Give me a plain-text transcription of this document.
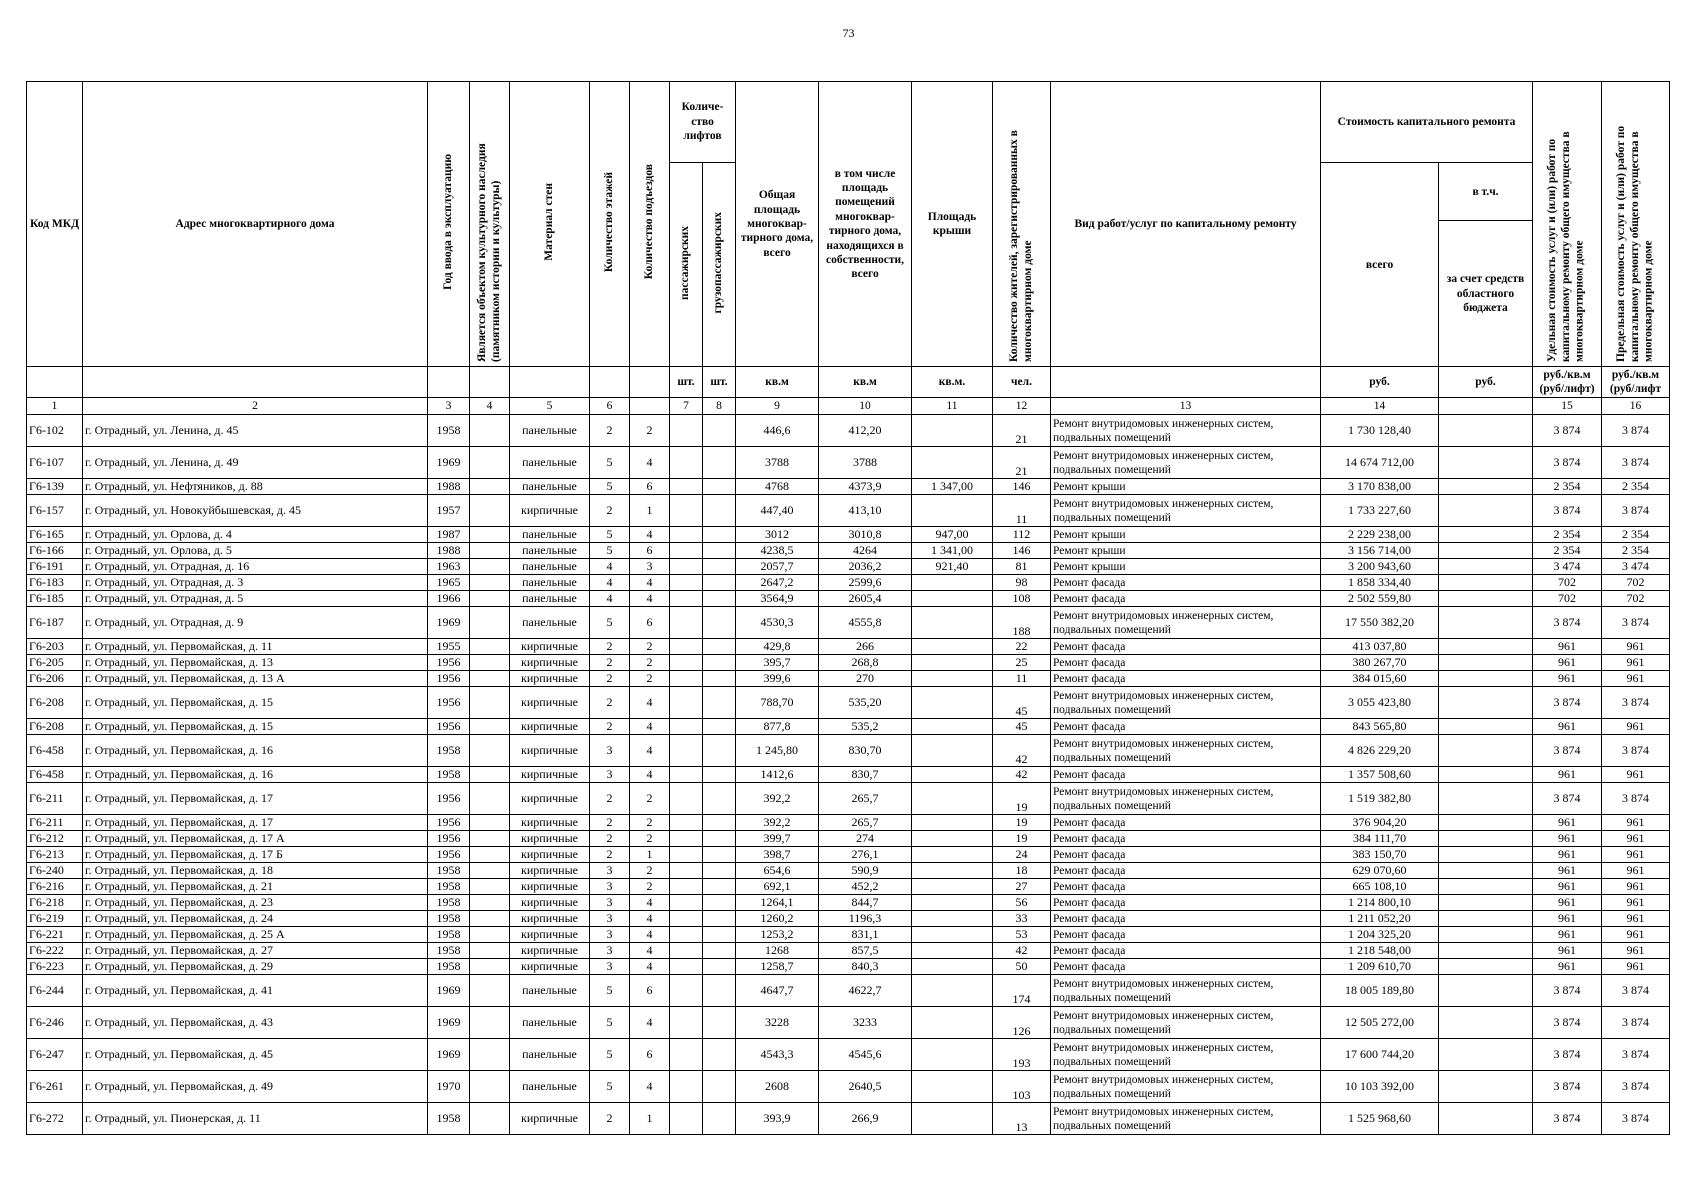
73
Код МКД	Адрес многоквартирного дома	Год ввода в эксплуатацию	Является объектом культурного наследия (памятником истории и культуры)	Материал стен	Количество этажей	Количество подъездов	Количе-ство лифтов		Общая площадь многоквар-тирного дома, всего	в том числе площадь помещений многоквар-тирного дома, находящихся в собственности, всего	Площадь крыши	Количество жителей, зарегистрированных в многоквартирном доме	Вид работ/услуг по капитальному ремонту	Стоимость капитального ремонта		Удельная стоимость услуг и (или) работ по капитальному ремонту общего имущества в многоквартирном доме	Предельная стоимость услуг и (или) работ по капитальному ремонту общего имущества в многоквартирном доме
							пассажирских	грузопассажирских						всего	в т.ч.		
															за счет средств областного бюджета		
							шт.	шт.	кв.м	кв.м	кв.м.	чел.		руб.	руб.	руб./кв.м (руб/лифт)	руб./кв.м (руб/лифт
1	2	3	4	5	6		7	8	9	10	11	12	13	14		15	16
Г6-102	г. Отрадный, ул. Ленина, д. 45	1958		панельные	2	2			446,6	412,20		21	Ремонт внутридомовых инженерных систем, подвальных помещений	1 730 128,40		3 874	3 874
Г6-107	г. Отрадный, ул. Ленина, д. 49	1969		панельные	5	4			3788	3788		21	Ремонт внутридомовых инженерных систем, подвальных помещений	14 674 712,00		3 874	3 874
Г6-139	г. Отрадный, ул. Нефтяников, д. 88	1988		панельные	5	6			4768	4373,9	1 347,00	146	Ремонт крыши	3 170 838,00		2 354	2 354
Г6-157	г. Отрадный, ул. Новокуйбышевская, д. 45	1957		кирпичные	2	1			447,40	413,10		11	Ремонт внутридомовых инженерных систем, подвальных помещений	1 733 227,60		3 874	3 874
Г6-165	г. Отрадный, ул. Орлова, д. 4	1987		панельные	5	4			3012	3010,8	947,00	112	Ремонт крыши	2 229 238,00		2 354	2 354
Г6-166	г. Отрадный, ул. Орлова, д. 5	1988		панельные	5	6			4238,5	4264	1 341,00	146	Ремонт крыши	3 156 714,00		2 354	2 354
Г6-191	г. Отрадный, ул. Отрадная, д. 16	1963		панельные	4	3			2057,7	2036,2	921,40	81	Ремонт крыши	3 200 943,60		3 474	3 474
Г6-183	г. Отрадный, ул. Отрадная, д. 3	1965		панельные	4	4			2647,2	2599,6		98	Ремонт фасада	1 858 334,40		702	702
Г6-185	г. Отрадный, ул. Отрадная, д. 5	1966		панельные	4	4			3564,9	2605,4		108	Ремонт фасада	2 502 559,80		702	702
Г6-187	г. Отрадный, ул. Отрадная, д. 9	1969		панельные	5	6			4530,3	4555,8		188	Ремонт внутридомовых инженерных систем, подвальных помещений	17 550 382,20		3 874	3 874
Г6-203	г. Отрадный, ул. Первомайская, д. 11	1955		кирпичные	2	2			429,8	266		22	Ремонт фасада	413 037,80		961	961
Г6-205	г. Отрадный, ул. Первомайская, д. 13	1956		кирпичные	2	2			395,7	268,8		25	Ремонт фасада	380 267,70		961	961
Г6-206	г. Отрадный, ул. Первомайская, д. 13 А	1956		кирпичные	2	2			399,6	270		11	Ремонт фасада	384 015,60		961	961
Г6-208	г. Отрадный, ул. Первомайская, д. 15	1956		кирпичные	2	4			788,70	535,20		45	Ремонт внутридомовых инженерных систем, подвальных помещений	3 055 423,80		3 874	3 874
Г6-208	г. Отрадный, ул. Первомайская, д. 15	1956		кирпичные	2	4			877,8	535,2		45	Ремонт фасада	843 565,80		961	961
Г6-458	г. Отрадный, ул. Первомайская, д. 16	1958		кирпичные	3	4			1 245,80	830,70		42	Ремонт внутридомовых инженерных систем, подвальных помещений	4 826 229,20		3 874	3 874
Г6-458	г. Отрадный, ул. Первомайская, д. 16	1958		кирпичные	3	4			1412,6	830,7		42	Ремонт фасада	1 357 508,60		961	961
Г6-211	г. Отрадный, ул. Первомайская, д. 17	1956		кирпичные	2	2			392,2	265,7		19	Ремонт внутридомовых инженерных систем, подвальных помещений	1 519 382,80		3 874	3 874
Г6-211	г. Отрадный, ул. Первомайская, д. 17	1956		кирпичные	2	2			392,2	265,7		19	Ремонт фасада	376 904,20		961	961
Г6-212	г. Отрадный, ул. Первомайская, д. 17 А	1956		кирпичные	2	2			399,7	274		19	Ремонт фасада	384 111,70		961	961
Г6-213	г. Отрадный, ул. Первомайская, д. 17 Б	1956		кирпичные	2	1			398,7	276,1		24	Ремонт фасада	383 150,70		961	961
Г6-240	г. Отрадный, ул. Первомайская, д. 18	1958		кирпичные	3	2			654,6	590,9		18	Ремонт фасада	629 070,60		961	961
Г6-216	г. Отрадный, ул. Первомайская, д. 21	1958		кирпичные	3	2			692,1	452,2		27	Ремонт фасада	665 108,10		961	961
Г6-218	г. Отрадный, ул. Первомайская, д. 23	1958		кирпичные	3	4			1264,1	844,7		56	Ремонт фасада	1 214 800,10		961	961
Г6-219	г. Отрадный, ул. Первомайская, д. 24	1958		кирпичные	3	4			1260,2	1196,3		33	Ремонт фасада	1 211 052,20		961	961
Г6-221	г. Отрадный, ул. Первомайская, д. 25 А	1958		кирпичные	3	4			1253,2	831,1		53	Ремонт фасада	1 204 325,20		961	961
Г6-222	г. Отрадный, ул. Первомайская, д. 27	1958		кирпичные	3	4			1268	857,5		42	Ремонт фасада	1 218 548,00		961	961
Г6-223	г. Отрадный, ул. Первомайская, д. 29	1958		кирпичные	3	4			1258,7	840,3		50	Ремонт фасада	1 209 610,70		961	961
Г6-244	г. Отрадный, ул. Первомайская, д. 41	1969		панельные	5	6			4647,7	4622,7		174	Ремонт внутридомовых инженерных систем, подвальных помещений	18 005 189,80		3 874	3 874
Г6-246	г. Отрадный, ул. Первомайская, д. 43	1969		панельные	5	4			3228	3233		126	Ремонт внутридомовых инженерных систем, подвальных помещений	12 505 272,00		3 874	3 874
Г6-247	г. Отрадный, ул. Первомайская, д. 45	1969		панельные	5	6			4543,3	4545,6		193	Ремонт внутридомовых инженерных систем, подвальных помещений	17 600 744,20		3 874	3 874
Г6-261	г. Отрадный, ул. Первомайская, д. 49	1970		панельные	5	4			2608	2640,5		103	Ремонт внутридомовых инженерных систем, подвальных помещений	10 103 392,00		3 874	3 874
Г6-272	г. Отрадный, ул. Пионерская, д. 11	1958		кирпичные	2	1			393,9	266,9		13	Ремонт внутридомовых инженерных систем, подвальных помещений	1 525 968,60		3 874	3 874
